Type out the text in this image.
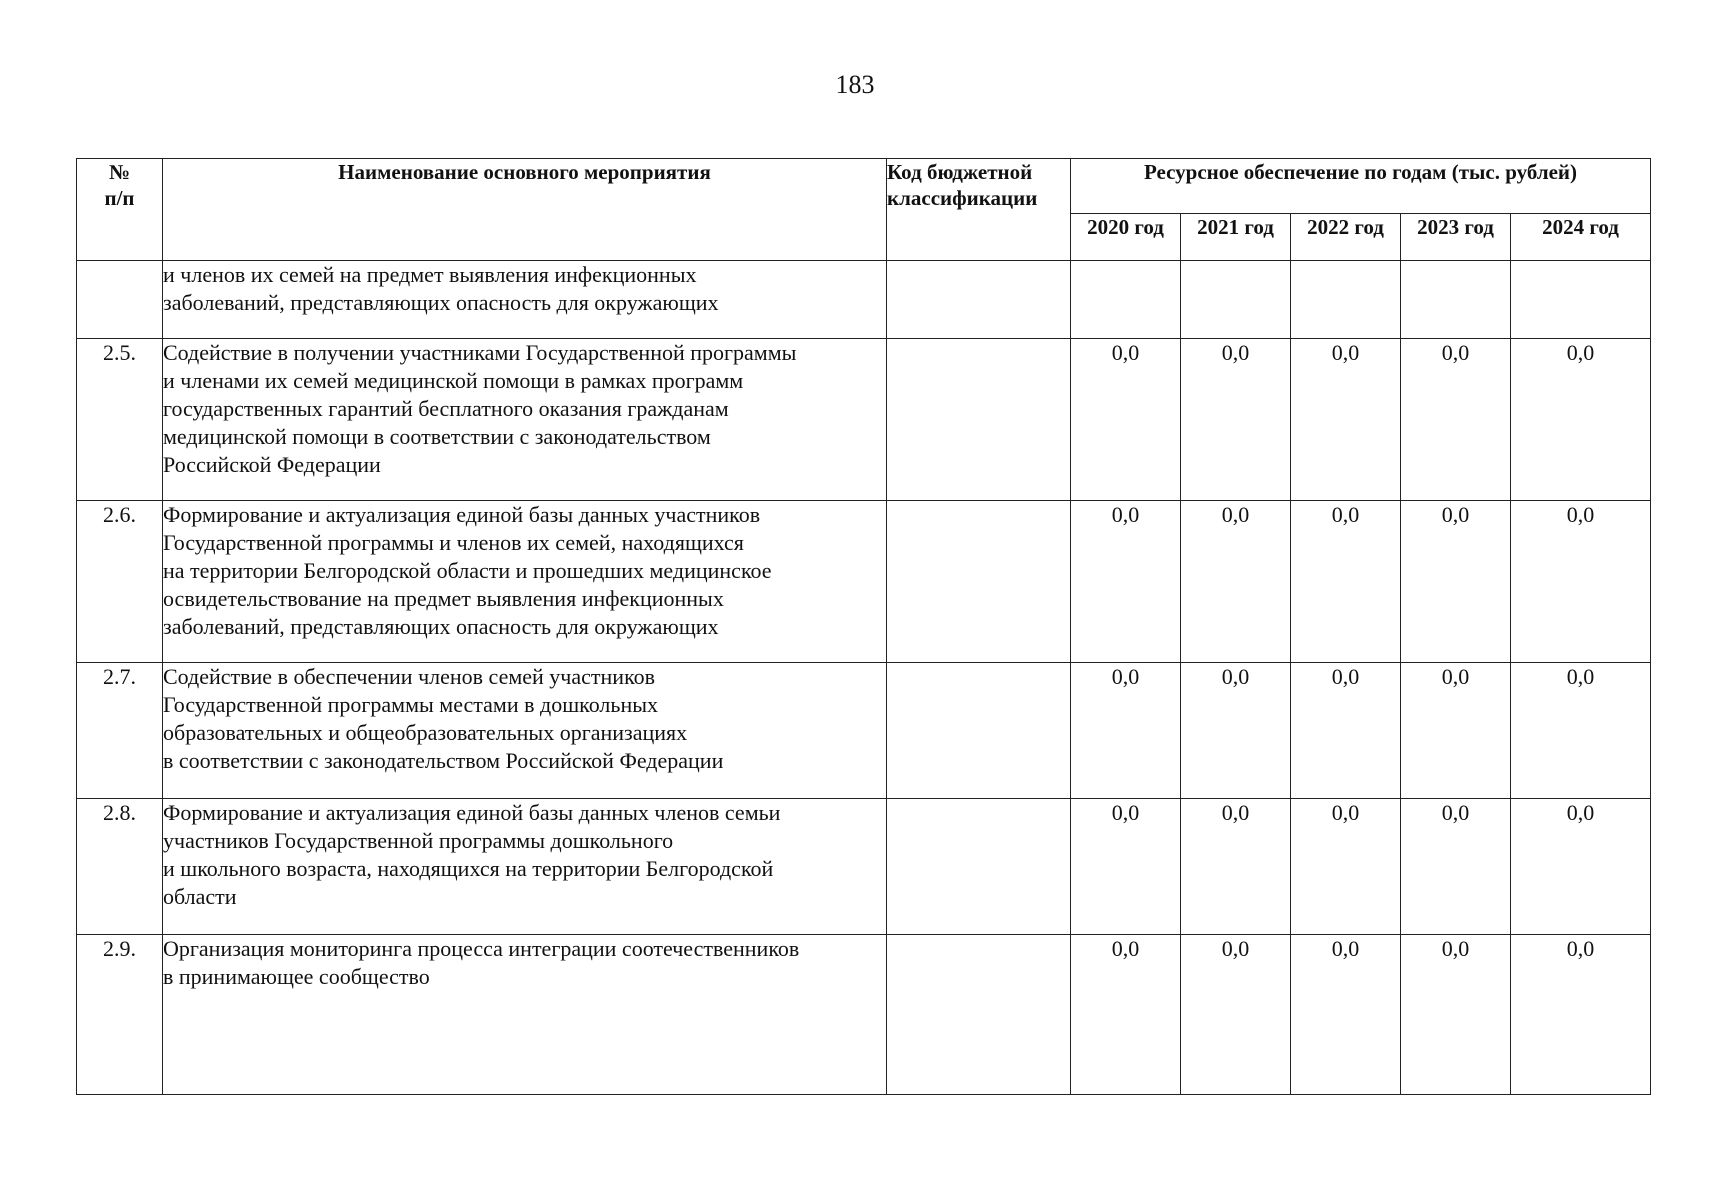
183
№
п/п	Наименование основного мероприятия	Код бюджетной
классификации	Ресурсное обеспечение по годам (тыс. рублей)				
			2020 год	2021 год	2022 год	2023 год	2024 год

	и членов их семей на предмет выявления инфекционных
заболеваний, представляющих опасность для окружающих						

2.5.	Содействие в получении участниками Государственной программы
и членами их семей медицинской помощи в рамках программ
государственных гарантий бесплатного оказания гражданам
медицинской помощи в соответствии с законодательством
Российской Федерации		0,0	0,0	0,0	0,0	0,0
2.6.	Формирование и актуализация единой базы данных участников
Государственной программы и членов их семей, находящихся
на территории Белгородской области и прошедших медицинское
освидетельствование на предмет выявления инфекционных
заболеваний, представляющих опасность для окружающих		0,0	0,0	0,0	0,0	0,0
2.7.	Содействие в обеспечении членов семей участников
Государственной программы местами в дошкольных
образовательных и общеобразовательных организациях
в соответствии с законодательством Российской Федерации		0,0	0,0	0,0	0,0	0,0
2.8.	Формирование и актуализация единой базы данных членов семьи
участников Государственной программы дошкольного
и школьного возраста, находящихся на территории Белгородской
области		0,0	0,0	0,0	0,0	0,0
2.9.	Организация мониторинга процесса интеграции соотечественников
в принимающее сообщество		0,0	0,0	0,0	0,0	0,0
